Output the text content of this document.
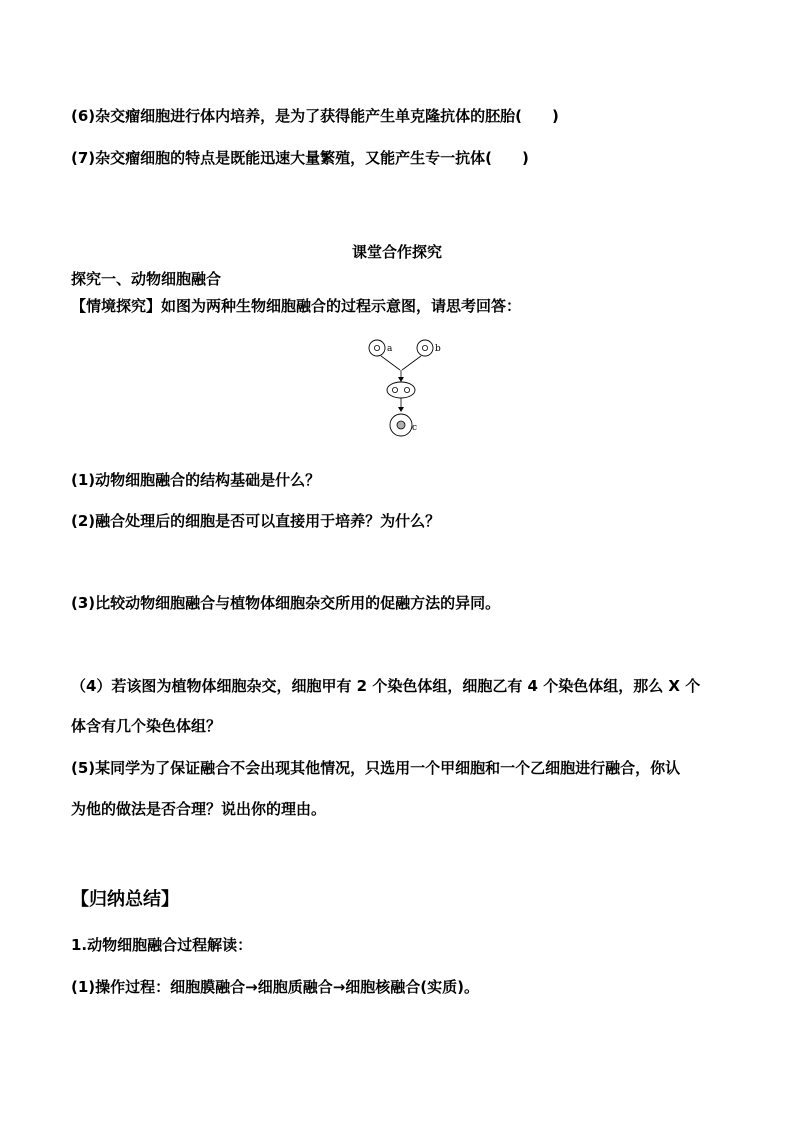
(6)杂交瘤细胞进行体内培养，是为了获得能产生单克隆抗体的胚胎(　　)
(7)杂交瘤细胞的特点是既能迅速大量繁殖，又能产生专一抗体(　　)
课堂合作探究
探究一、动物细胞融合
【情境探究】如图为两种生物细胞融合的过程示意图，请思考回答：
a	b
c
(1)动物细胞融合的结构基础是什么？
(2)融合处理后的细胞是否可以直接用于培养？为什么？
(3)比较动物细胞融合与植物体细胞杂交所用的促融方法的异同。
（4）若该图为植物体细胞杂交，细胞甲有 2 个染色体组，细胞乙有 4 个染色体组，那么 X 个
体含有几个染色体组？
(5)某同学为了保证融合不会出现其他情况，只选用一个甲细胞和一个乙细胞进行融合，你认
为他的做法是否合理？说出你的理由。
【归纳总结】
1.动物细胞融合过程解读：
(1)操作过程：细胞膜融合→细胞质融合→细胞核融合(实质)。
